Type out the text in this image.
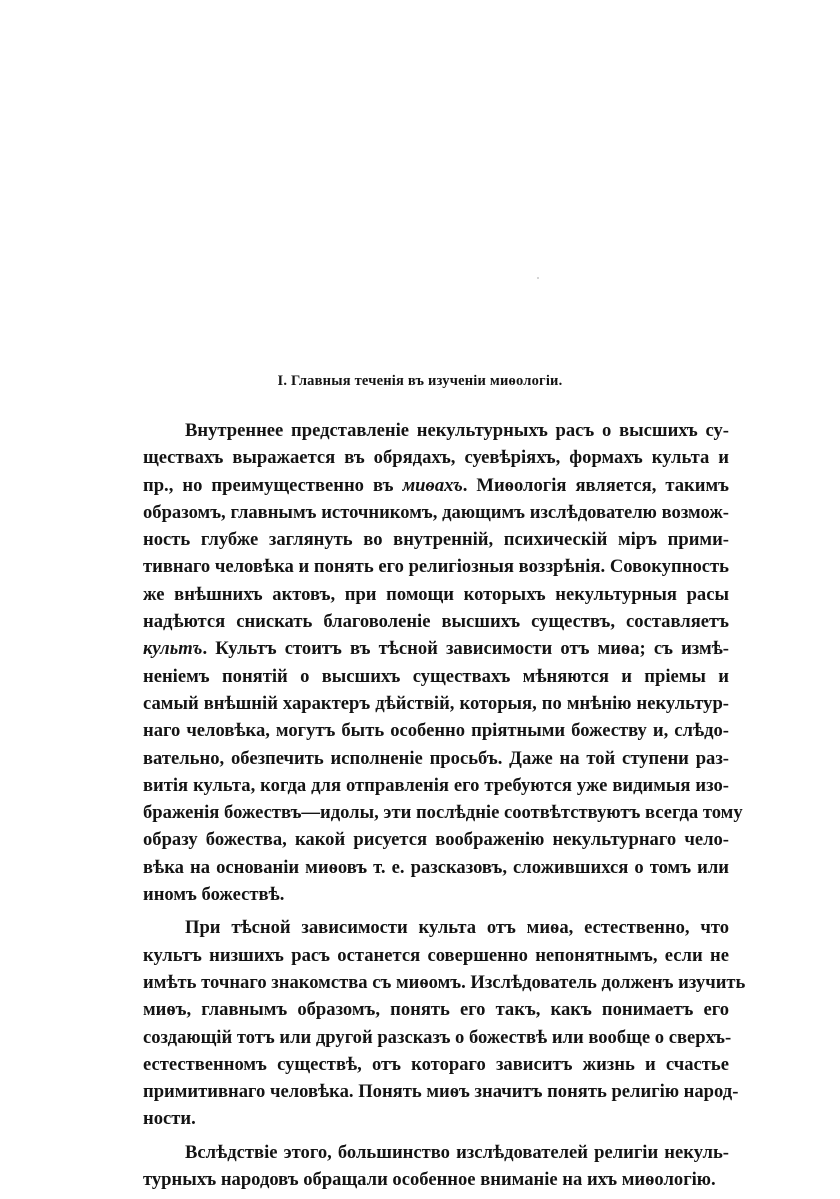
I. Главныя теченія въ изученіи миѳологіи.
Внутреннее представленіе некультурныхъ расъ о высшихъ су-
ществахъ выражается въ обрядахъ, суевѣріяхъ, формахъ культа и
пр., но преимущественно въ миѳахъ. Миѳологія является, такимъ
образомъ, главнымъ источникомъ, дающимъ изслѣдователю возмож-
ность глубже заглянуть во внутренній, психическій міръ прими-
тивнаго человѣка и понять его религіозныя воззрѣнія. Совокупность
же внѣшнихъ актовъ, при помощи которыхъ некультурныя расы
надѣются снискать благоволеніе высшихъ существъ, составляетъ
культъ. Культъ стоитъ въ тѣсной зависимости отъ миѳа; съ измѣ-
неніемъ понятій о высшихъ существахъ мѣняются и пріемы и
самый внѣшній характеръ дѣйствій, которыя, по мнѣнію некультур-
наго человѣка, могутъ быть особенно пріятными божеству и, слѣдо-
вательно, обезпечить исполненіе просьбъ. Даже на той ступени раз-
витія культа, когда для отправленія его требуются уже видимыя изо-
браженія божествъ—идолы, эти послѣдніе соотвѣтствуютъ всегда тому
образу божества, какой рисуется воображенію некультурнаго чело-
вѣка на основаніи миѳовъ т. е. разсказовъ, сложившихся о томъ или
иномъ божествѣ.
При тѣсной зависимости культа отъ миѳа, естественно, что
культъ низшихъ расъ останется совершенно непонятнымъ, если не
имѣть точнаго знакомства съ миѳомъ. Изслѣдователь долженъ изучить
миѳъ, главнымъ образомъ, понять его такъ, какъ понимаетъ его
создающій тотъ или другой разсказъ о божествѣ или вообще о сверхъ-
естественномъ существѣ, отъ котораго зависитъ жизнь и счастье
примитивнаго человѣка. Понять миѳъ значитъ понять религію народ-
ности.
Вслѣдствіе этого, большинство изслѣдователей религіи некуль-
турныхъ народовъ обращали особенное вниманіе на ихъ миѳологію.
